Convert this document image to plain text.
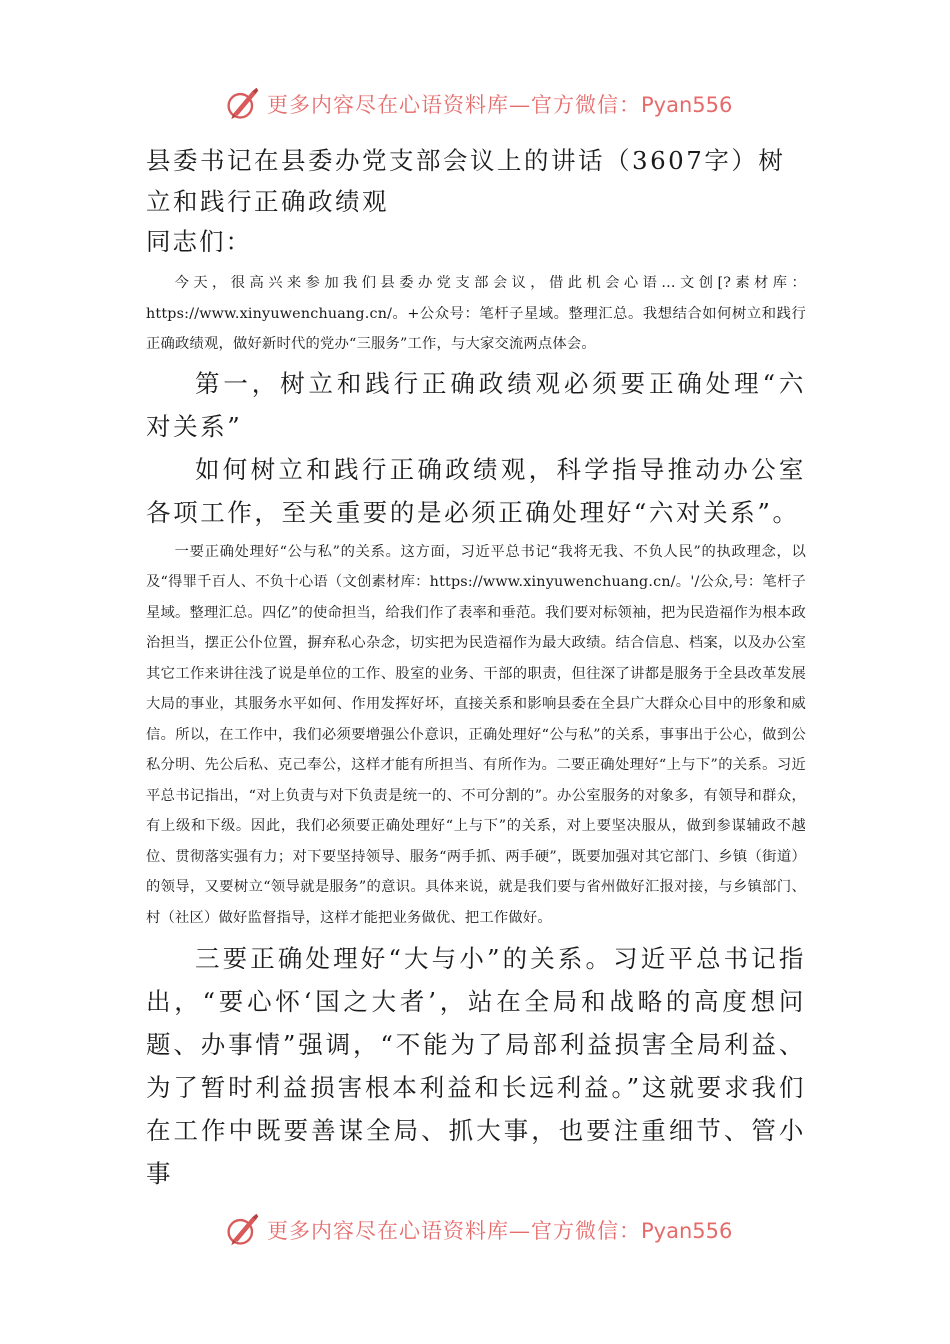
更多内容尽在心语资料库—官方微信：Pyan556
县委书记在县委办党支部会议上的讲话（3607字）树立和践行正确政绩观

同志们：

今天，很高兴来参加我们县委办党支部会议，借此机会心语…文创[?素材库：https://www.xinyuwenchuang.cn/。+公众号：笔杆子星域。整理汇总。我想结合如何树立和践行正确政绩观，做好新时代的党办“三服务”工作，与大家交流两点体会。

第一，树立和践行正确政绩观必须要正确处理“六对关系”

如何树立和践行正确政绩观，科学指导推动办公室各项工作，至关重要的是必须正确处理好“六对关系”。

一要正确处理好“公与私”的关系。这方面，习近平总书记“我将无我、不负人民”的执政理念，以及“得罪千百人、不负十心语（文创素材库：https://www.xinyuwenchuang.cn/。'/公众,号：笔杆子星域。整理汇总。四亿”的使命担当，给我们作了表率和垂范。我们要对标领袖，把为民造福作为根本政治担当，摆正公仆位置，摒弃私心杂念，切实把为民造福作为最大政绩。结合信息、档案，以及办公室其它工作来讲往浅了说是单位的工作、股室的业务、干部的职责，但往深了讲都是服务于全县改革发展大局的事业，其服务水平如何、作用发挥好坏，直接关系和影响县委在全县广大群众心目中的形象和威信。所以，在工作中，我们必须要增强公仆意识，正确处理好“公与私”的关系，事事出于公心，做到公私分明、先公后私、克己奉公，这样才能有所担当、有所作为。二要正确处理好“上与下”的关系。习近平总书记指出，“对上负责与对下负责是统一的、不可分割的”。办公室服务的对象多，有领导和群众，有上级和下级。因此，我们必须要正确处理好“上与下”的关系，对上要坚决服从，做到参谋辅政不越位、贯彻落实强有力；对下要坚持领导、服务“两手抓、两手硬”，既要加强对其它部门、乡镇（街道）的领导，又要树立“领导就是服务”的意识。具体来说，就是我们要与省州做好汇报对接，与乡镇部门、村（社区）做好监督指导，这样才能把业务做优、把工作做好。

三要正确处理好“大与小”的关系。习近平总书记指出，“要心怀‘国之大者’，站在全局和战略的高度想问题、办事情”强调，“不能为了局部利益损害全局利益、为了暂时利益损害根本利益和长远利益。”这就要求我们在工作中既要善谋全局、抓大事，也要注重细节、管小事

更多内容尽在心语资料库—官方微信：Pyan556
